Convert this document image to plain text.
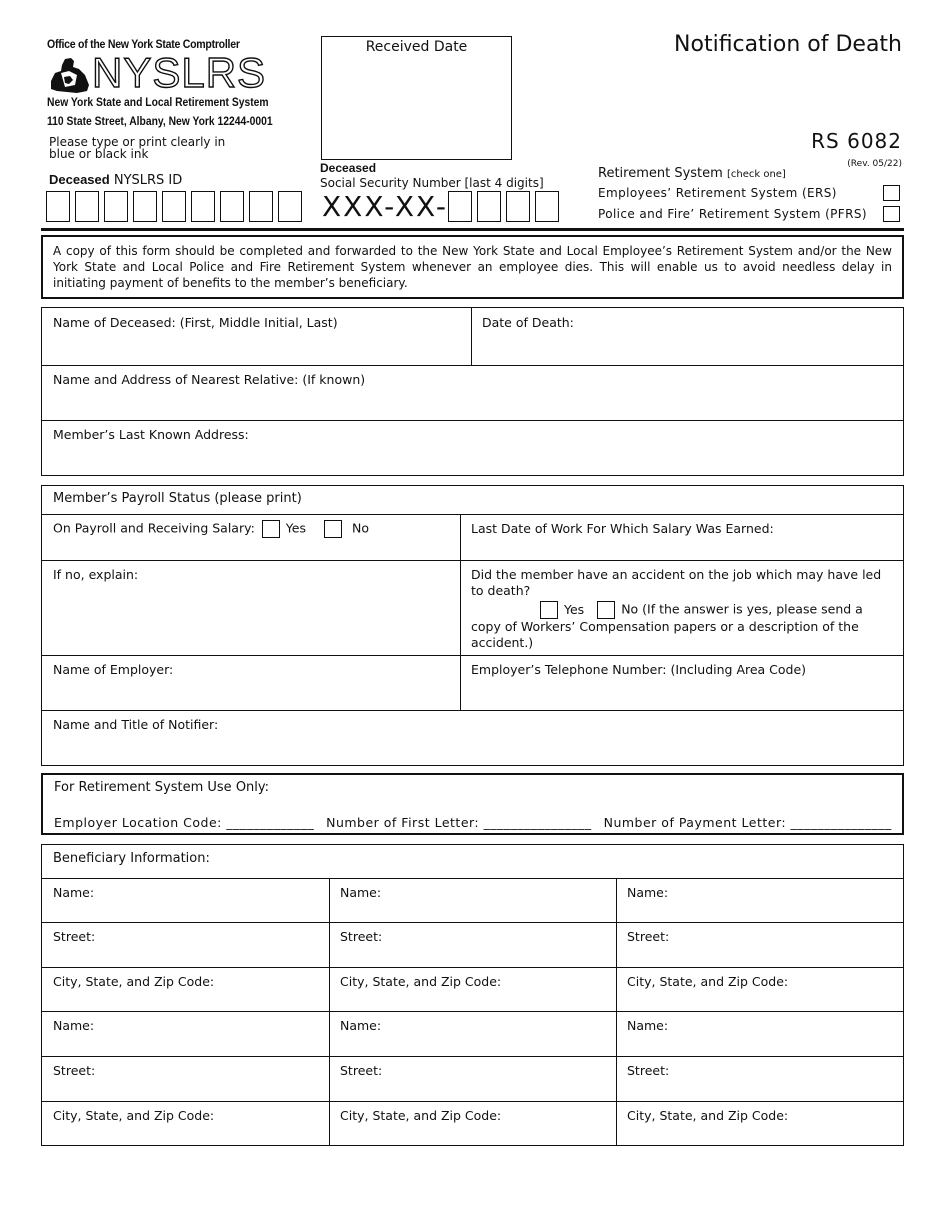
Office of the New York State Comptroller
NYSLRS
New York State and Local Retirement System
110 State Street, Albany, New York 12244-0001
Please type or print clearly in blue or black ink
Deceased NYSLRS ID
Received Date
Deceased
Social Security Number [last 4 digits]
XXX-XX-
Notification of Death
RS 6082
(Rev. 05/22)
Retirement System [check one]
Employees’ Retirement System (ERS)
Police and Fire’ Retirement System (PFRS)
A copy of this form should be completed and forwarded to the New York State and Local Employee’s Retirement System and/or the New York State and Local Police and Fire Retirement System whenever an employee dies. This will enable us to avoid needless delay in initiating payment of benefits to the member’s beneficiary.
Name of Deceased: (First, Middle Initial, Last)	Date of Death:
Name and Address of Nearest Relative: (If known)
Member’s Last Known Address:
Member’s Payroll Status (please print)
On Payroll and Receiving Salary: Yes	No	Last Date of Work For Which Salary Was Earned:
If no, explain:	Did the member have an accident on the job which may have led to death?
Yes	No (If the answer is yes, please send a copy of Workers’ Compensation papers or a description of the accident.)
Name of Employer:	Employer’s Telephone Number: (Including Area Code)
Name and Title of Notifier:
For Retirement System Use Only:
Employer Location Code: _____________ Number of First Letter: ________________ Number of Payment Letter: _______________
Beneficiary Information:
Name:	Name:	Name:
Street:	Street:	Street:
City, State, and Zip Code:	City, State, and Zip Code:	City, State, and Zip Code:
Name:	Name:	Name:
Street:	Street:	Street:
City, State, and Zip Code:	City, State, and Zip Code:	City, State, and Zip Code:
